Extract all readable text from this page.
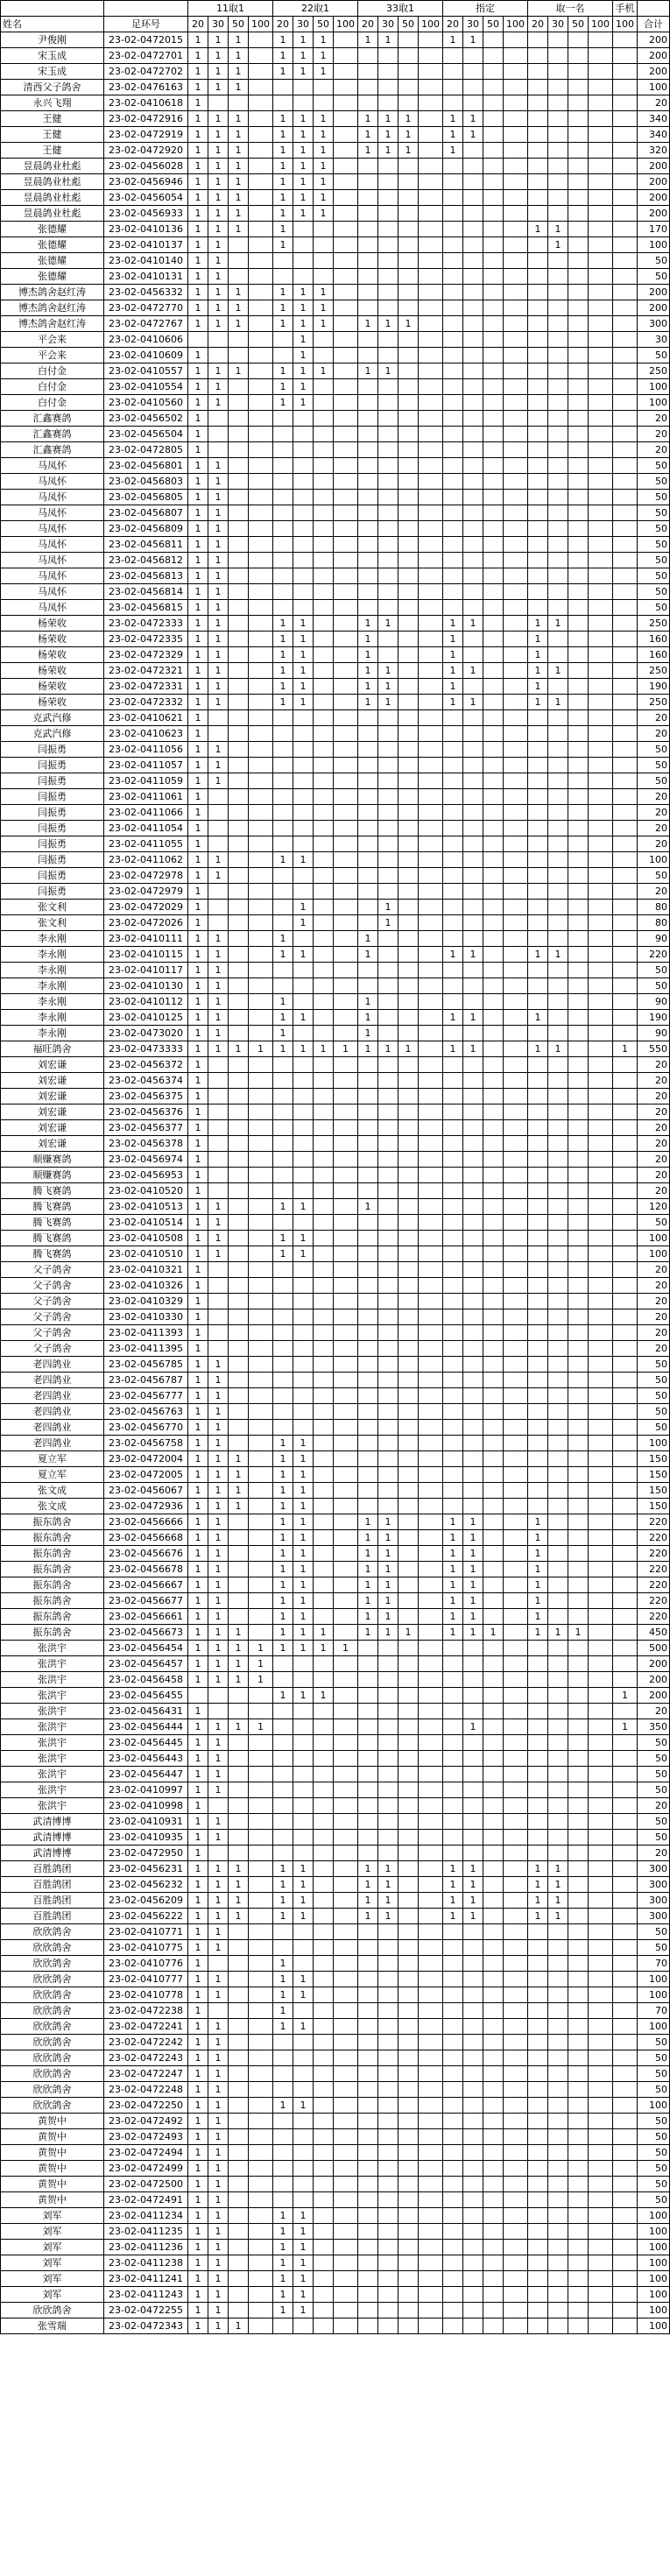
		11取1				22取1				33取1				指定				取一名				手机	
姓名	足环号	20	30	50	100	20	30	50	100	20	30	50	100	20	30	50	100	20	30	50	100	100	合计
尹俊刚	23-02-0472015	1	1	1		1	1	1		1	1			1	1								200
宋玉成	23-02-0472701	1	1	1		1	1	1															200
宋玉成	23-02-0472702	1	1	1		1	1	1															200
清西父子鸽舍	23-02-0476163	1	1	1																			100
永兴飞翔	23-02-0410618	1																					20
王健	23-02-0472916	1	1	1		1	1	1		1	1	1		1	1								340
王健	23-02-0472919	1	1	1		1	1	1		1	1	1		1	1								340
王健	23-02-0472920	1	1	1		1	1	1		1	1	1		1									320
昱晨鸽业杜彪	23-02-0456028	1	1	1		1	1	1															200
昱晨鸽业杜彪	23-02-0456946	1	1	1		1	1	1															200
昱晨鸽业杜彪	23-02-0456054	1	1	1		1	1	1															200
昱晨鸽业杜彪	23-02-0456933	1	1	1		1	1	1															200
张德耀	23-02-0410136	1	1	1		1												1	1				170
张德耀	23-02-0410137	1	1			1													1				100
张德耀	23-02-0410140	1	1																				50
张德耀	23-02-0410131	1	1																				50
博杰鸽舍赵红涛	23-02-0456332	1	1	1		1	1	1															200
博杰鸽舍赵红涛	23-02-0472770	1	1	1		1	1	1															200
博杰鸽舍赵红涛	23-02-0472767	1	1	1		1	1	1		1	1	1											300
平会来	23-02-0410606						1																30
平会来	23-02-0410609	1					1																50
白付金	23-02-0410557	1	1	1		1	1	1		1	1												250
白付金	23-02-0410554	1	1			1	1																100
白付金	23-02-0410560	1	1			1	1																100
汇鑫赛鸽	23-02-0456502	1																					20
汇鑫赛鸽	23-02-0456504	1																					20
汇鑫赛鸽	23-02-0472805	1																					20
马凤怀	23-02-0456801	1	1																				50
马凤怀	23-02-0456803	1	1																				50
马凤怀	23-02-0456805	1	1																				50
马凤怀	23-02-0456807	1	1																				50
马凤怀	23-02-0456809	1	1																				50
马凤怀	23-02-0456811	1	1																				50
马凤怀	23-02-0456812	1	1																				50
马凤怀	23-02-0456813	1	1																				50
马凤怀	23-02-0456814	1	1																				50
马凤怀	23-02-0456815	1	1																				50
杨荣收	23-02-0472333	1	1			1	1			1	1			1	1			1	1				250
杨荣收	23-02-0472335	1	1			1	1			1				1				1					160
杨荣收	23-02-0472329	1	1			1	1			1				1				1					160
杨荣收	23-02-0472321	1	1			1	1			1	1			1	1			1	1				250
杨荣收	23-02-0472331	1	1			1	1			1	1			1				1					190
杨荣收	23-02-0472332	1	1			1	1			1	1			1	1			1	1				250
克武汽修	23-02-0410621	1																					20
克武汽修	23-02-0410623	1																					20
闫振勇	23-02-0411056	1	1																				50
闫振勇	23-02-0411057	1	1																				50
闫振勇	23-02-0411059	1	1																				50
闫振勇	23-02-0411061	1																					20
闫振勇	23-02-0411066	1																					20
闫振勇	23-02-0411054	1																					20
闫振勇	23-02-0411055	1																					20
闫振勇	23-02-0411062	1	1			1	1																100
闫振勇	23-02-0472978	1	1																				50
闫振勇	23-02-0472979	1																					20
张文利	23-02-0472029	1					1				1												80
张文利	23-02-0472026	1					1				1												80
李永刚	23-02-0410111	1	1			1				1													90
李永刚	23-02-0410115	1	1			1	1			1				1	1			1	1				220
李永刚	23-02-0410117	1	1																				50
李永刚	23-02-0410130	1	1																				50
李永刚	23-02-0410112	1	1			1				1													90
李永刚	23-02-0410125	1	1			1	1			1				1	1			1					190
李永刚	23-02-0473020	1	1			1				1													90
福旺鸽舍	23-02-0473333	1	1	1	1	1	1	1	1	1	1	1		1	1			1	1			1	550
刘宏谦	23-02-0456372	1																					20
刘宏谦	23-02-0456374	1																					20
刘宏谦	23-02-0456375	1																					20
刘宏谦	23-02-0456376	1																					20
刘宏谦	23-02-0456377	1																					20
刘宏谦	23-02-0456378	1																					20
顺赚赛鸽	23-02-0456974	1																					20
顺赚赛鸽	23-02-0456953	1																					20
腾飞赛鸽	23-02-0410520	1																					20
腾飞赛鸽	23-02-0410513	1	1			1	1			1													120
腾飞赛鸽	23-02-0410514	1	1																				50
腾飞赛鸽	23-02-0410508	1	1			1	1																100
腾飞赛鸽	23-02-0410510	1	1			1	1																100
父子鸽舍	23-02-0410321	1																					20
父子鸽舍	23-02-0410326	1																					20
父子鸽舍	23-02-0410329	1																					20
父子鸽舍	23-02-0410330	1																					20
父子鸽舍	23-02-0411393	1																					20
父子鸽舍	23-02-0411395	1																					20
老四鸽业	23-02-0456785	1	1																				50
老四鸽业	23-02-0456787	1	1																				50
老四鸽业	23-02-0456777	1	1																				50
老四鸽业	23-02-0456763	1	1																				50
老四鸽业	23-02-0456770	1	1																				50
老四鸽业	23-02-0456758	1	1			1	1																100
夏立军	23-02-0472004	1	1	1		1	1																150
夏立军	23-02-0472005	1	1	1		1	1																150
张文成	23-02-0456067	1	1	1		1	1																150
张文成	23-02-0472936	1	1	1		1	1																150
振东鸽舍	23-02-0456666	1	1			1	1			1	1			1	1			1					220
振东鸽舍	23-02-0456668	1	1			1	1			1	1			1	1			1					220
振东鸽舍	23-02-0456676	1	1			1	1			1	1			1	1			1					220
振东鸽舍	23-02-0456678	1	1			1	1			1	1			1	1			1					220
振东鸽舍	23-02-0456667	1	1			1	1			1	1			1	1			1					220
振东鸽舍	23-02-0456677	1	1			1	1			1	1			1	1			1					220
振东鸽舍	23-02-0456661	1	1			1	1			1	1			1	1			1					220
振东鸽舍	23-02-0456673	1	1	1		1	1	1		1	1	1		1	1	1		1	1	1			450
张洪宇	23-02-0456454	1	1	1	1	1	1	1	1														500
张洪宇	23-02-0456457	1	1	1	1																		200
张洪宇	23-02-0456458	1	1	1	1																		200
张洪宇	23-02-0456455					1	1	1														1	200
张洪宇	23-02-0456431	1																					20
张洪宇	23-02-0456444	1	1	1	1										1							1	350
张洪宇	23-02-0456445	1	1																				50
张洪宇	23-02-0456443	1	1																				50
张洪宇	23-02-0456447	1	1																				50
张洪宇	23-02-0410997	1	1																				50
张洪宇	23-02-0410998	1																					20
武清博博	23-02-0410931	1	1																				50
武清博博	23-02-0410935	1	1																				50
武清博博	23-02-0472950	1																					20
百胜鸽团	23-02-0456231	1	1	1		1	1			1	1			1	1			1	1				300
百胜鸽团	23-02-0456232	1	1	1		1	1			1	1			1	1			1	1				300
百胜鸽团	23-02-0456209	1	1	1		1	1			1	1			1	1			1	1				300
百胜鸽团	23-02-0456222	1	1	1		1	1			1	1			1	1			1	1				300
欣欣鸽舍	23-02-0410771	1	1																				50
欣欣鸽舍	23-02-0410775	1	1																				50
欣欣鸽舍	23-02-0410776	1				1																	70
欣欣鸽舍	23-02-0410777	1	1			1	1																100
欣欣鸽舍	23-02-0410778	1	1			1	1																100
欣欣鸽舍	23-02-0472238	1				1																	70
欣欣鸽舍	23-02-0472241	1	1			1	1																100
欣欣鸽舍	23-02-0472242	1	1																				50
欣欣鸽舍	23-02-0472243	1	1																				50
欣欣鸽舍	23-02-0472247	1	1																				50
欣欣鸽舍	23-02-0472248	1	1																				50
欣欣鸽舍	23-02-0472250	1	1			1	1																100
黄贺中	23-02-0472492	1	1																				50
黄贺中	23-02-0472493	1	1																				50
黄贺中	23-02-0472494	1	1																				50
黄贺中	23-02-0472499	1	1																				50
黄贺中	23-02-0472500	1	1																				50
黄贺中	23-02-0472491	1	1																				50
刘军	23-02-0411234	1	1			1	1																100
刘军	23-02-0411235	1	1			1	1																100
刘军	23-02-0411236	1	1			1	1																100
刘军	23-02-0411238	1	1			1	1																100
刘军	23-02-0411241	1	1			1	1																100
刘军	23-02-0411243	1	1			1	1																100
欣欣鸽舍	23-02-0472255	1	1			1	1																100
张雪瑞	23-02-0472343	1	1	1																			100
